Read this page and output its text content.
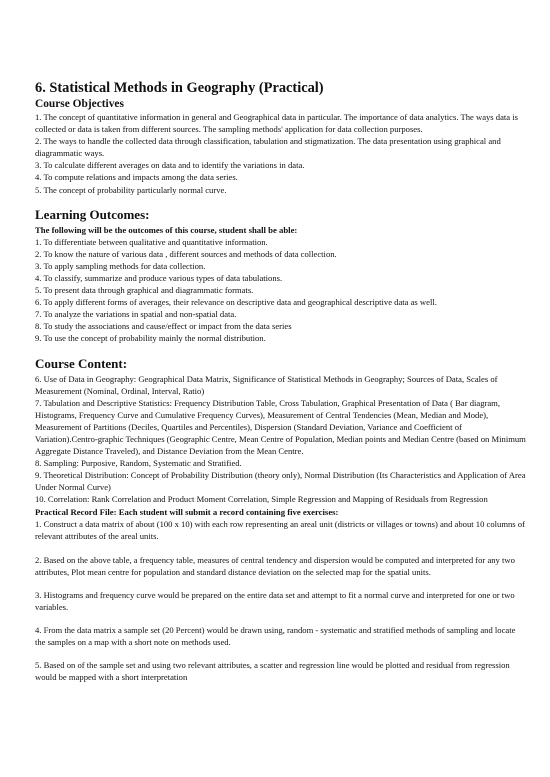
6. Statistical Methods in Geography (Practical)
Course Objectives
1. The concept of quantitative information in general and Geographical data in particular. The importance of data analytics. The ways data is collected or data is taken from different sources. The sampling methods' application for data collection purposes.
2. The ways to handle the collected data through classification, tabulation and stigmatization. The data presentation using graphical and diagrammatic ways.
3. To calculate different averages on data and to identify the variations in data.
4. To compute relations and impacts among the data series.
5. The concept of probability particularly normal curve.
Learning Outcomes:

The following will be the outcomes of this course, student shall be able:

1. To differentiate between qualitative and quantitative information.
2. To know the nature of various data , different sources and methods of data collection.
3. To apply sampling methods for data collection.
4. To classify, summarize and produce various types of data tabulations.
5. To present data through graphical and diagrammatic formats.
6. To apply different forms of averages, their relevance on descriptive data and geographical descriptive data as well.
7. To analyze the variations in spatial and non-spatial data.
8. To study the associations and cause/effect or impact from the data series
9. To use the concept of probability mainly the normal distribution.
Course Content:
6. Use of Data in Geography: Geographical Data Matrix, Significance of Statistical Methods in Geography; Sources of Data, Scales of Measurement (Nominal, Ordinal, Interval, Ratio)
7. Tabulation and Descriptive Statistics: Frequency Distribution Table, Cross Tabulation, Graphical Presentation of Data ( Bar diagram, Histograms, Frequency Curve and Cumulative Frequency Curves), Measurement of Central Tendencies (Mean, Median and Mode), Measurement of Partitions (Deciles, Quartiles and Percentiles), Dispersion (Standard Deviation, Variance and Coefficient of Variation).Centro-graphic Techniques (Geographic Centre, Mean Centre of Population, Median points and Median Centre (based on Minimum Aggregate Distance Traveled), and Distance Deviation from the Mean Centre.
8. Sampling: Purposive, Random, Systematic and Stratified.
9. Theoretical Distribution: Concept of Probability Distribution (theory only), Normal Distribution (Its Characteristics and Application of Area Under Normal Curve)
10. Correlation: Rank Correlation and Product Moment Correlation, Simple Regression and Mapping of Residuals from Regression

Practical Record File: Each student will submit a record containing five exercises:

1. Construct a data matrix of about (100 x 10) with each row representing an areal unit (districts or villages or towns) and about 10 columns of relevant attributes of the areal units.

2. Based on the above table, a frequency table, measures of central tendency and dispersion would be computed and interpreted for any two attributes, Plot mean centre for population and standard distance deviation on the selected map for the spatial units.

3. Histograms and frequency curve would be prepared on the entire data set and attempt to fit a normal curve and interpreted for one or two variables.

4. From the data matrix a sample set (20 Percent) would be drawn using, random - systematic and stratified methods of sampling and locate the samples on a map with a short note on methods used.

5. Based on of the sample set and using two relevant attributes, a scatter and regression line would be plotted and residual from regression would be mapped with a short interpretation
